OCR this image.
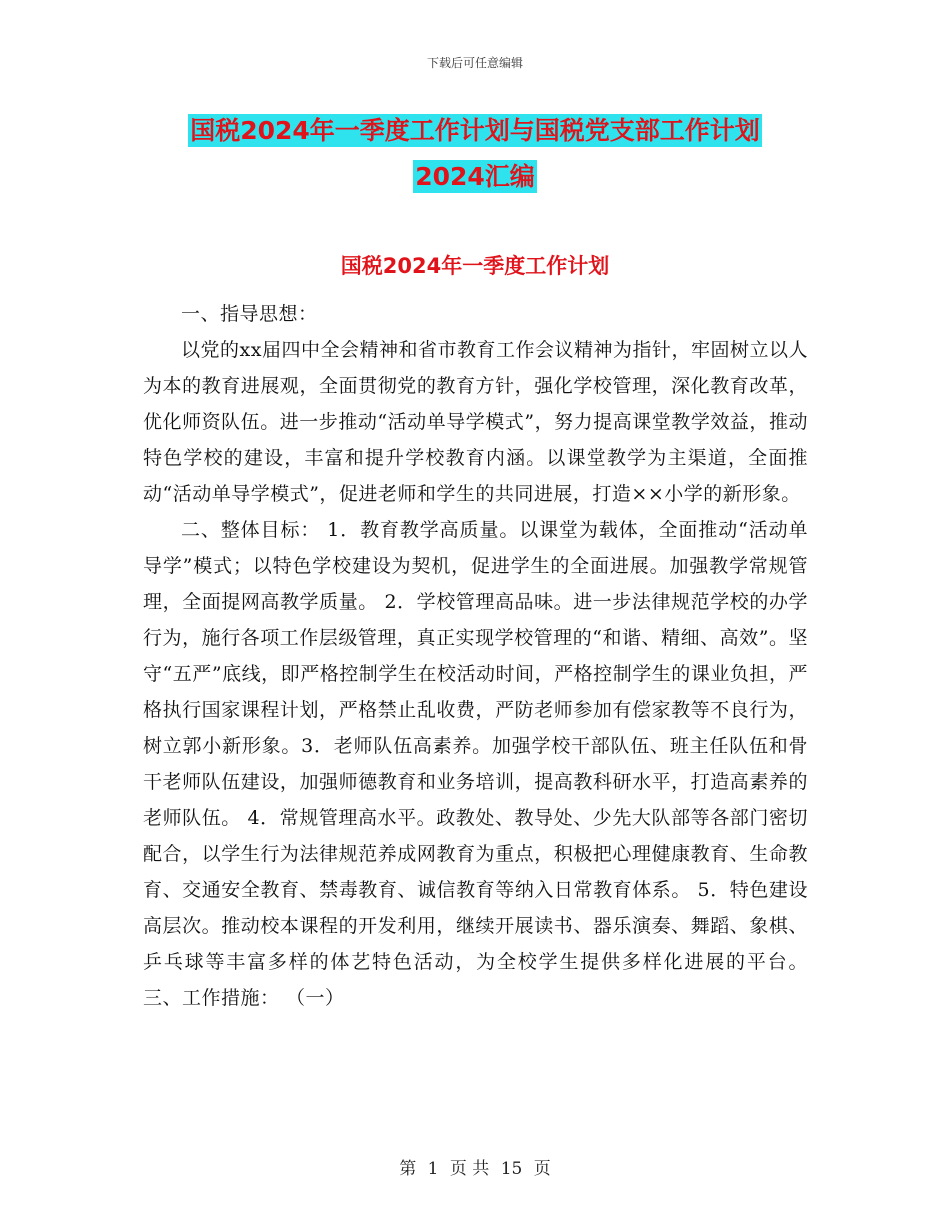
下载后可任意编辑
国税2024年一季度工作计划与国税党支部工作计划
2024汇编
国税2024年一季度工作计划

一、指导思想：

以党的xx届四中全会精神和省市教育工作会议精神为指针，牢固树立以人为本的教育进展观，全面贯彻党的教育方针，强化学校管理，深化教育改革，优化师资队伍。进一步推动“活动单导学模式”，努力提高课堂教学效益，推动特色学校的建设，丰富和提升学校教育内涵。以课堂教学为主渠道，全面推动“活动单导学模式”，促进老师和学生的共同进展，打造××小学的新形象。

二、整体目标： 1．教育教学高质量。以课堂为载体，全面推动“活动单导学”模式；以特色学校建设为契机，促进学生的全面进展。加强教学常规管理，全面提网高教学质量。 2．学校管理高品味。进一步法律规范学校的办学行为，施行各项工作层级管理，真正实现学校管理的“和谐、精细、高效”。坚守“五严”底线，即严格控制学生在校活动时间，严格控制学生的课业负担，严格执行国家课程计划，严格禁止乱收费，严防老师参加有偿家教等不良行为，树立郭小新形象。3．老师队伍高素养。加强学校干部队伍、班主任队伍和骨干老师队伍建设，加强师德教育和业务培训，提高教科研水平，打造高素养的老师队伍。 4．常规管理高水平。政教处、教导处、少先大队部等各部门密切配合，以学生行为法律规范养成网教育为重点，积极把心理健康教育、生命教育、交通安全教育、禁毒教育、诚信教育等纳入日常教育体系。 5．特色建设高层次。推动校本课程的开发利用，继续开展读书、器乐演奏、舞蹈、象棋、乒乓球等丰富多样的体艺特色活动，为全校学生提供多样化进展的平台。 三、工作措施： （一）

第 1 页 共 15 页
